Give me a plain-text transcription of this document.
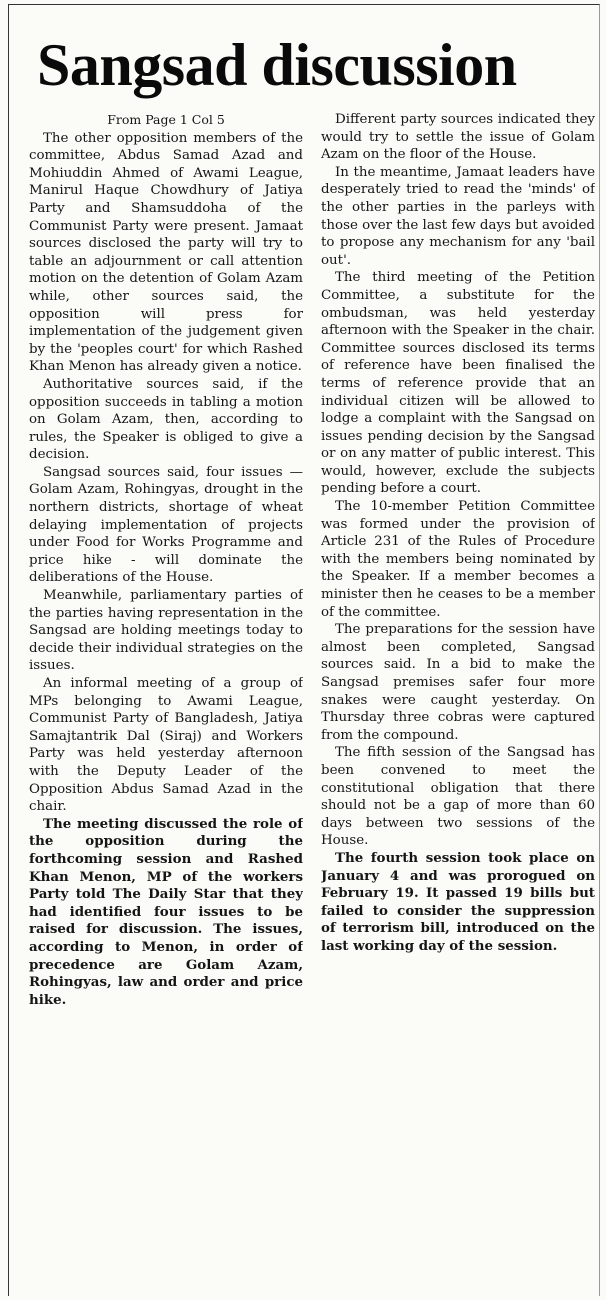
Sangsad discussion

From Page 1 Col 5

The other opposition members of the committee, Abdus Samad Azad and Mohiuddin Ahmed of Awami League, Manirul Haque Chowdhury of Jatiya Party and Shamsuddoha of the Communist Party were present. Jamaat sources disclosed the party will try to table an adjournment or call attention motion on the detention of Golam Azam while, other sources said, the opposition will press for implementation of the judgement given by the 'peoples court' for which Rashed Khan Menon has already given a notice.

Authoritative sources said, if the opposition succeeds in tabling a motion on Golam Azam, then, according to rules, the Speaker is obliged to give a decision.

Sangsad sources said, four issues — Golam Azam, Rohingyas, drought in the northern districts, shortage of wheat delaying implementation of projects under Food for Works Programme and price hike - will dominate the deliberations of the House.

Meanwhile, parliamentary parties of the parties having representation in the Sangsad are holding meetings today to decide their individual strategies on the issues.

An informal meeting of a group of MPs belonging to Awami League, Communist Party of Bangladesh, Jatiya Samajtantrik Dal (Siraj) and Workers Party was held yesterday afternoon with the Deputy Leader of the Opposition Abdus Samad Azad in the chair.

The meeting discussed the role of the opposition during the forthcoming session and Rashed Khan Menon, MP of the workers Party told The Daily Star that they had identified four issues to be raised for discussion. The issues, according to Menon, in order of precedence are Golam Azam, Rohingyas, law and order and price hike.

Different party sources indicated they would try to settle the issue of Golam Azam on the floor of the House.

In the meantime, Jamaat leaders have desperately tried to read the 'minds' of the other parties in the parleys with those over the last few days but avoided to propose any mechanism for any 'bail out'.

The third meeting of the Petition Committee, a substitute for the ombudsman, was held yesterday afternoon with the Speaker in the chair. Committee sources disclosed its terms of reference have been finalised the terms of reference provide that an individual citizen will be allowed to lodge a complaint with the Sangsad on issues pending decision by the Sangsad or on any matter of public interest. This would, however, exclude the subjects pending before a court.

The 10-member Petition Committee was formed under the provision of Article 231 of the Rules of Procedure with the members being nominated by the Speaker. If a member becomes a minister then he ceases to be a member of the committee.

The preparations for the session have almost been completed, Sangsad sources said. In a bid to make the Sangsad premises safer four more snakes were caught yesterday. On Thursday three cobras were captured from the compound.

The fifth session of the Sangsad has been convened to meet the constitutional obligation that there should not be a gap of more than 60 days between two sessions of the House.

The fourth session took place on January 4 and was prorogued on February 19. It passed 19 bills but failed to consider the suppression of terrorism bill, introduced on the last working day of the session.
